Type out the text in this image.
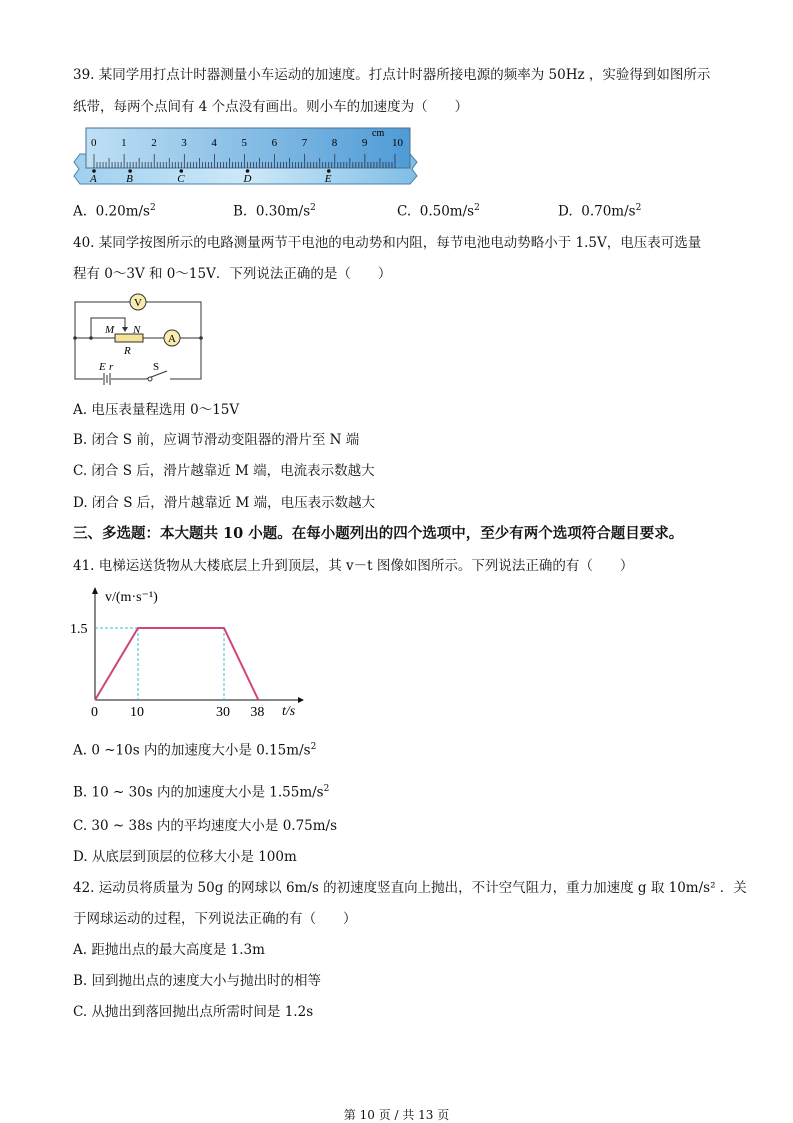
39. 某同学用打点计时器测量小车运动的加速度。打点计时器所接电源的频率为 50Hz ，实验得到如图所示
纸带，每两个点间有 4 个点没有画出。则小车的加速度为（　　）
0 1 2 3 4 5 6 7 8 9 10
A	B	C	D	E
cm
A. $0.20m/s^2$	B. $0.30m/s^2$	C. $0.50m/s^2$	D. $0.70m/s^2$
40. 某同学按图所示的电路测量两节干电池的电动势和内阻，每节电池电动势略小于 1.5V，电压表可选量
程有 0～3V 和 0～15V．下列说法正确的是（　　）
V
A
M N
R
E r	S
A. 电压表量程选用 0～15V
B. 闭合 S 前，应调节滑动变阻器的滑片至 N 端
C. 闭合 S 后，滑片越靠近 M 端，电流表示数越大
D. 闭合 S 后，滑片越靠近 M 端，电压表示数越大
三、多选题：本大题共 10 小题。在每小题列出的四个选项中，至少有两个选项符合题目要求。
41. 电梯运送货物从大楼底层上升到顶层，其 v－t 图像如图所示。下列说法正确的有（　　）
0 10	30 38
1.5
v/(m·s⁻¹)
t/s
A. 0 ~10s 内的加速度大小是 $0.15m/s^2$
B. 10 ~ 30s 内的加速度大小是 $1.55m/s^2$
C. 30 ~ 38s 内的平均速度大小是 0.75m/s
D. 从底层到顶层的位移大小是 100m
42. 运动员将质量为 50g 的网球以 6m/s 的初速度竖直向上抛出，不计空气阻力，重力加速度 g 取 10m/s² ．关
于网球运动的过程，下列说法正确的有（　　）
A. 距抛出点的最大高度是 1.3m
B. 回到抛出点的速度大小与抛出时的相等
C. 从抛出到落回抛出点所需时间是 1.2s
第 10 页 / 共 13 页
